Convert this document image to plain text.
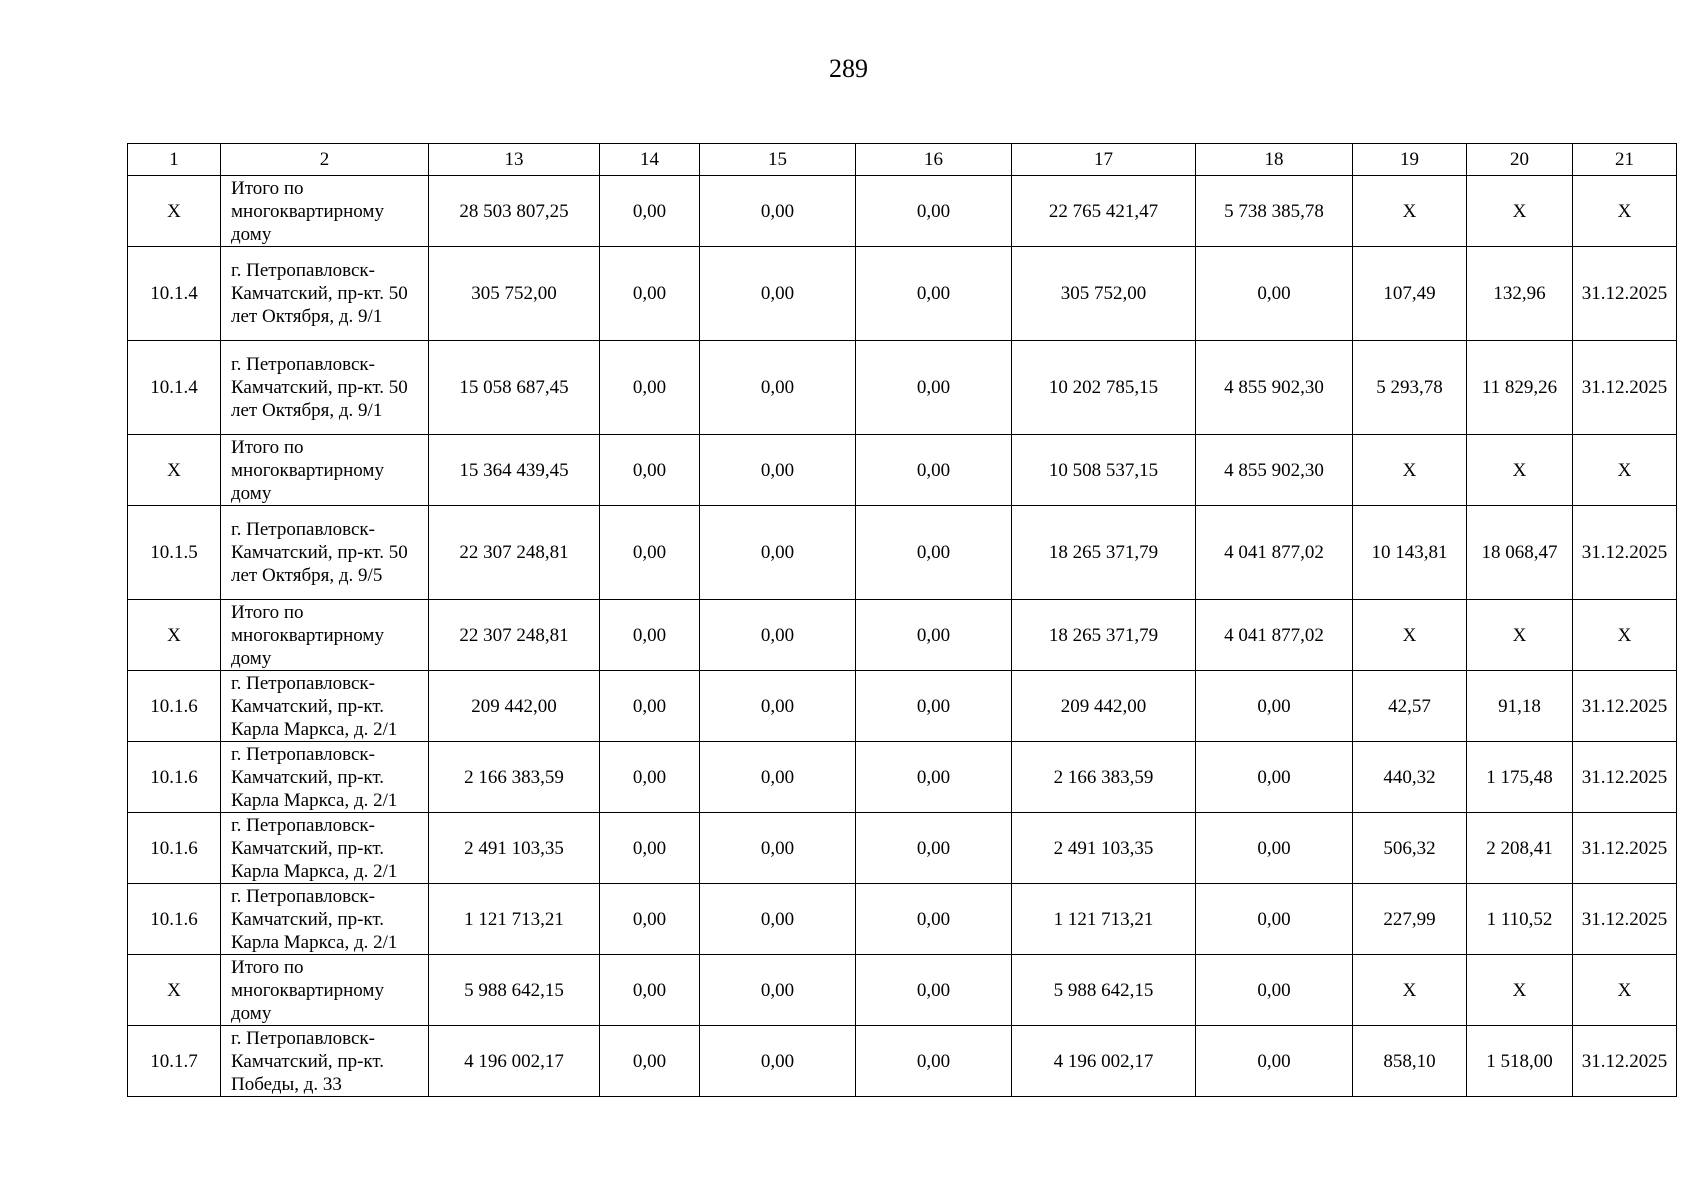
289
1	2	13	14	15	16	17	18	19	20	21
X	Итого по многоквартирному дому	28 503 807,25	0,00	0,00	0,00	22 765 421,47	5 738 385,78	X	X	X
10.1.4	г. Петропавловск-Камчатский, пр-кт. 50 лет Октября, д. 9/1	305 752,00	0,00	0,00	0,00	305 752,00	0,00	107,49	132,96	31.12.2025
10.1.4	г. Петропавловск-Камчатский, пр-кт. 50 лет Октября, д. 9/1	15 058 687,45	0,00	0,00	0,00	10 202 785,15	4 855 902,30	5 293,78	11 829,26	31.12.2025
X	Итого по многоквартирному дому	15 364 439,45	0,00	0,00	0,00	10 508 537,15	4 855 902,30	X	X	X
10.1.5	г. Петропавловск-Камчатский, пр-кт. 50 лет Октября, д. 9/5	22 307 248,81	0,00	0,00	0,00	18 265 371,79	4 041 877,02	10 143,81	18 068,47	31.12.2025
X	Итого по многоквартирному дому	22 307 248,81	0,00	0,00	0,00	18 265 371,79	4 041 877,02	X	X	X
10.1.6	г. Петропавловск-Камчатский, пр-кт. Карла Маркса, д. 2/1	209 442,00	0,00	0,00	0,00	209 442,00	0,00	42,57	91,18	31.12.2025
10.1.6	г. Петропавловск-Камчатский, пр-кт. Карла Маркса, д. 2/1	2 166 383,59	0,00	0,00	0,00	2 166 383,59	0,00	440,32	1 175,48	31.12.2025
10.1.6	г. Петропавловск-Камчатский, пр-кт. Карла Маркса, д. 2/1	2 491 103,35	0,00	0,00	0,00	2 491 103,35	0,00	506,32	2 208,41	31.12.2025
10.1.6	г. Петропавловск-Камчатский, пр-кт. Карла Маркса, д. 2/1	1 121 713,21	0,00	0,00	0,00	1 121 713,21	0,00	227,99	1 110,52	31.12.2025
X	Итого по многоквартирному дому	5 988 642,15	0,00	0,00	0,00	5 988 642,15	0,00	X	X	X
10.1.7	г. Петропавловск-Камчатский, пр-кт. Победы, д. 33	4 196 002,17	0,00	0,00	0,00	4 196 002,17	0,00	858,10	1 518,00	31.12.2025
